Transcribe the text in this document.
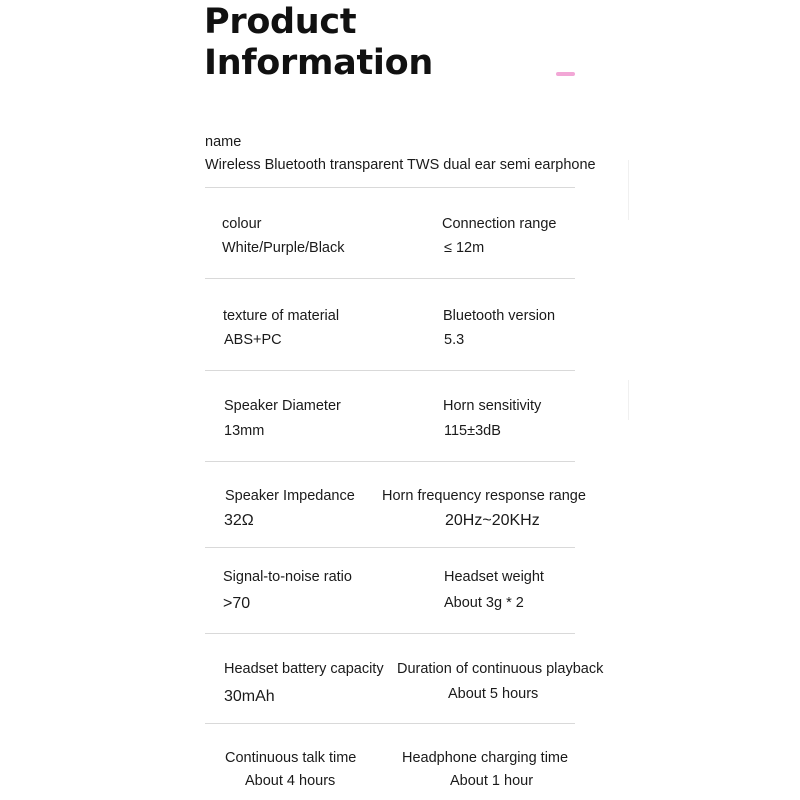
Product
Information
name
Wireless Bluetooth transparent TWS dual ear semi earphone
colour
White/Purple/Black
Connection range
≤ 12m
texture of material
ABS+PC
Bluetooth version
5.3
Speaker Diameter
13mm
Horn sensitivity
115±3dB
Speaker Impedance
32Ω
Horn frequency response range
20Hz~20KHz
Signal-to-noise ratio
>70
Headset weight
About 3g * 2
Headset battery capacity
30mAh
Duration of continuous playback
About 5 hours
Continuous talk time
About 4 hours
Headphone charging time
About 1 hour
